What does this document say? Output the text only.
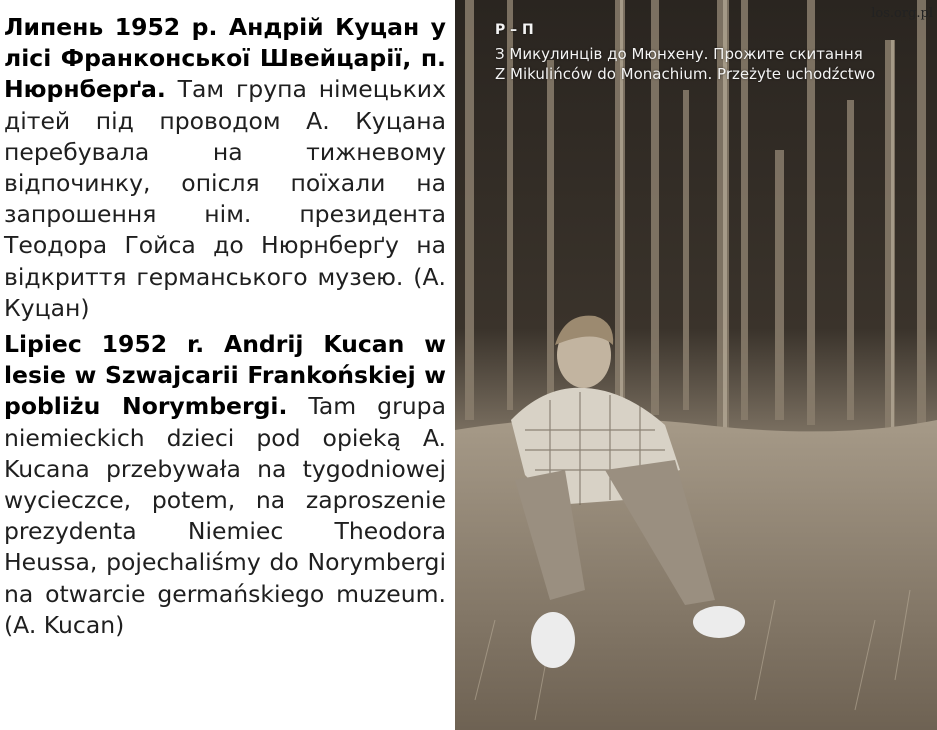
Липень 1952 р. Андрій Куцан у лісі Франконської Швейцарії, п. Нюрнберґа. Там група німецьких дітей під проводом А. Куцана перебувала на тижневому відпочинку, опісля поїхали на запрошення нім. президента Теодора Гойса до Нюрнберґу на відкриття германського музею. (А. Куцан)

Lipiec 1952 r. Andrij Kucan w lesie w Szwajcarii Frankońskiej w pobliżu Norymbergi. Tam grupa niemieckich dzieci pod opieką A. Kucana przebywała na tygodniowej wycieczce, potem, na zaproszenie prezydenta Niemiec Theodora Heussa, pojechaliśmy do Norymbergi na otwarcie germańskiego muzeum. (A. Kucan)

Р – П
З Микулинців до Мюнхену. Прожите скитання
Z Mikulińców do Monachium. Przeżyte uchodźctwo
los.org.pl
